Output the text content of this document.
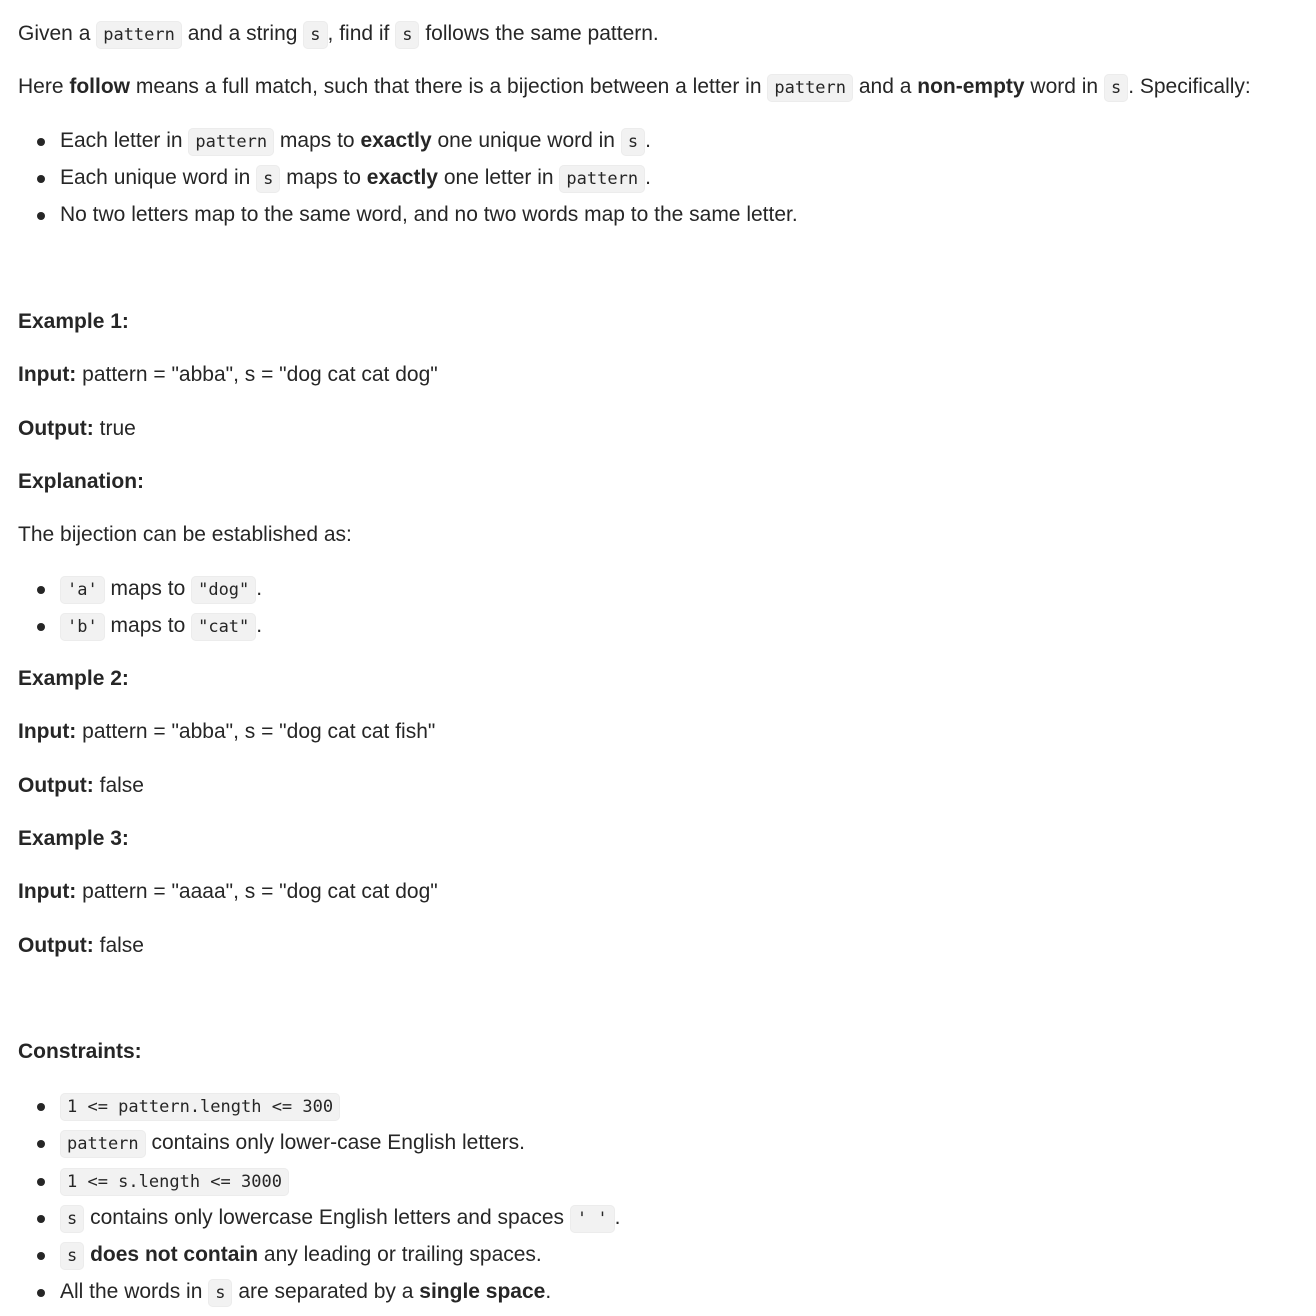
Given a pattern and a string s , find if s follows the same pattern.
Here follow means a full match, such that there is a bijection between a letter in pattern and a non-empty word in s . Specifically:
Each letter in pattern maps to exactly one unique word in s .
Each unique word in s maps to exactly one letter in pattern .
No two letters map to the same word, and no two words map to the same letter.
Example 1:
Input: pattern = "abba", s = "dog cat cat dog"
Output: true
Explanation:
The bijection can be established as:
'a' maps to "dog" .
'b' maps to "cat" .
Example 2:
Input: pattern = "abba", s = "dog cat cat fish"
Output: false
Example 3:
Input: pattern = "aaaa", s = "dog cat cat dog"
Output: false
Constraints:
1 <= pattern.length <= 300
pattern contains only lower-case English letters.
1 <= s.length <= 3000
s contains only lowercase English letters and spaces ' ' .
s does not contain any leading or trailing spaces.
All the words in s are separated by a single space.
